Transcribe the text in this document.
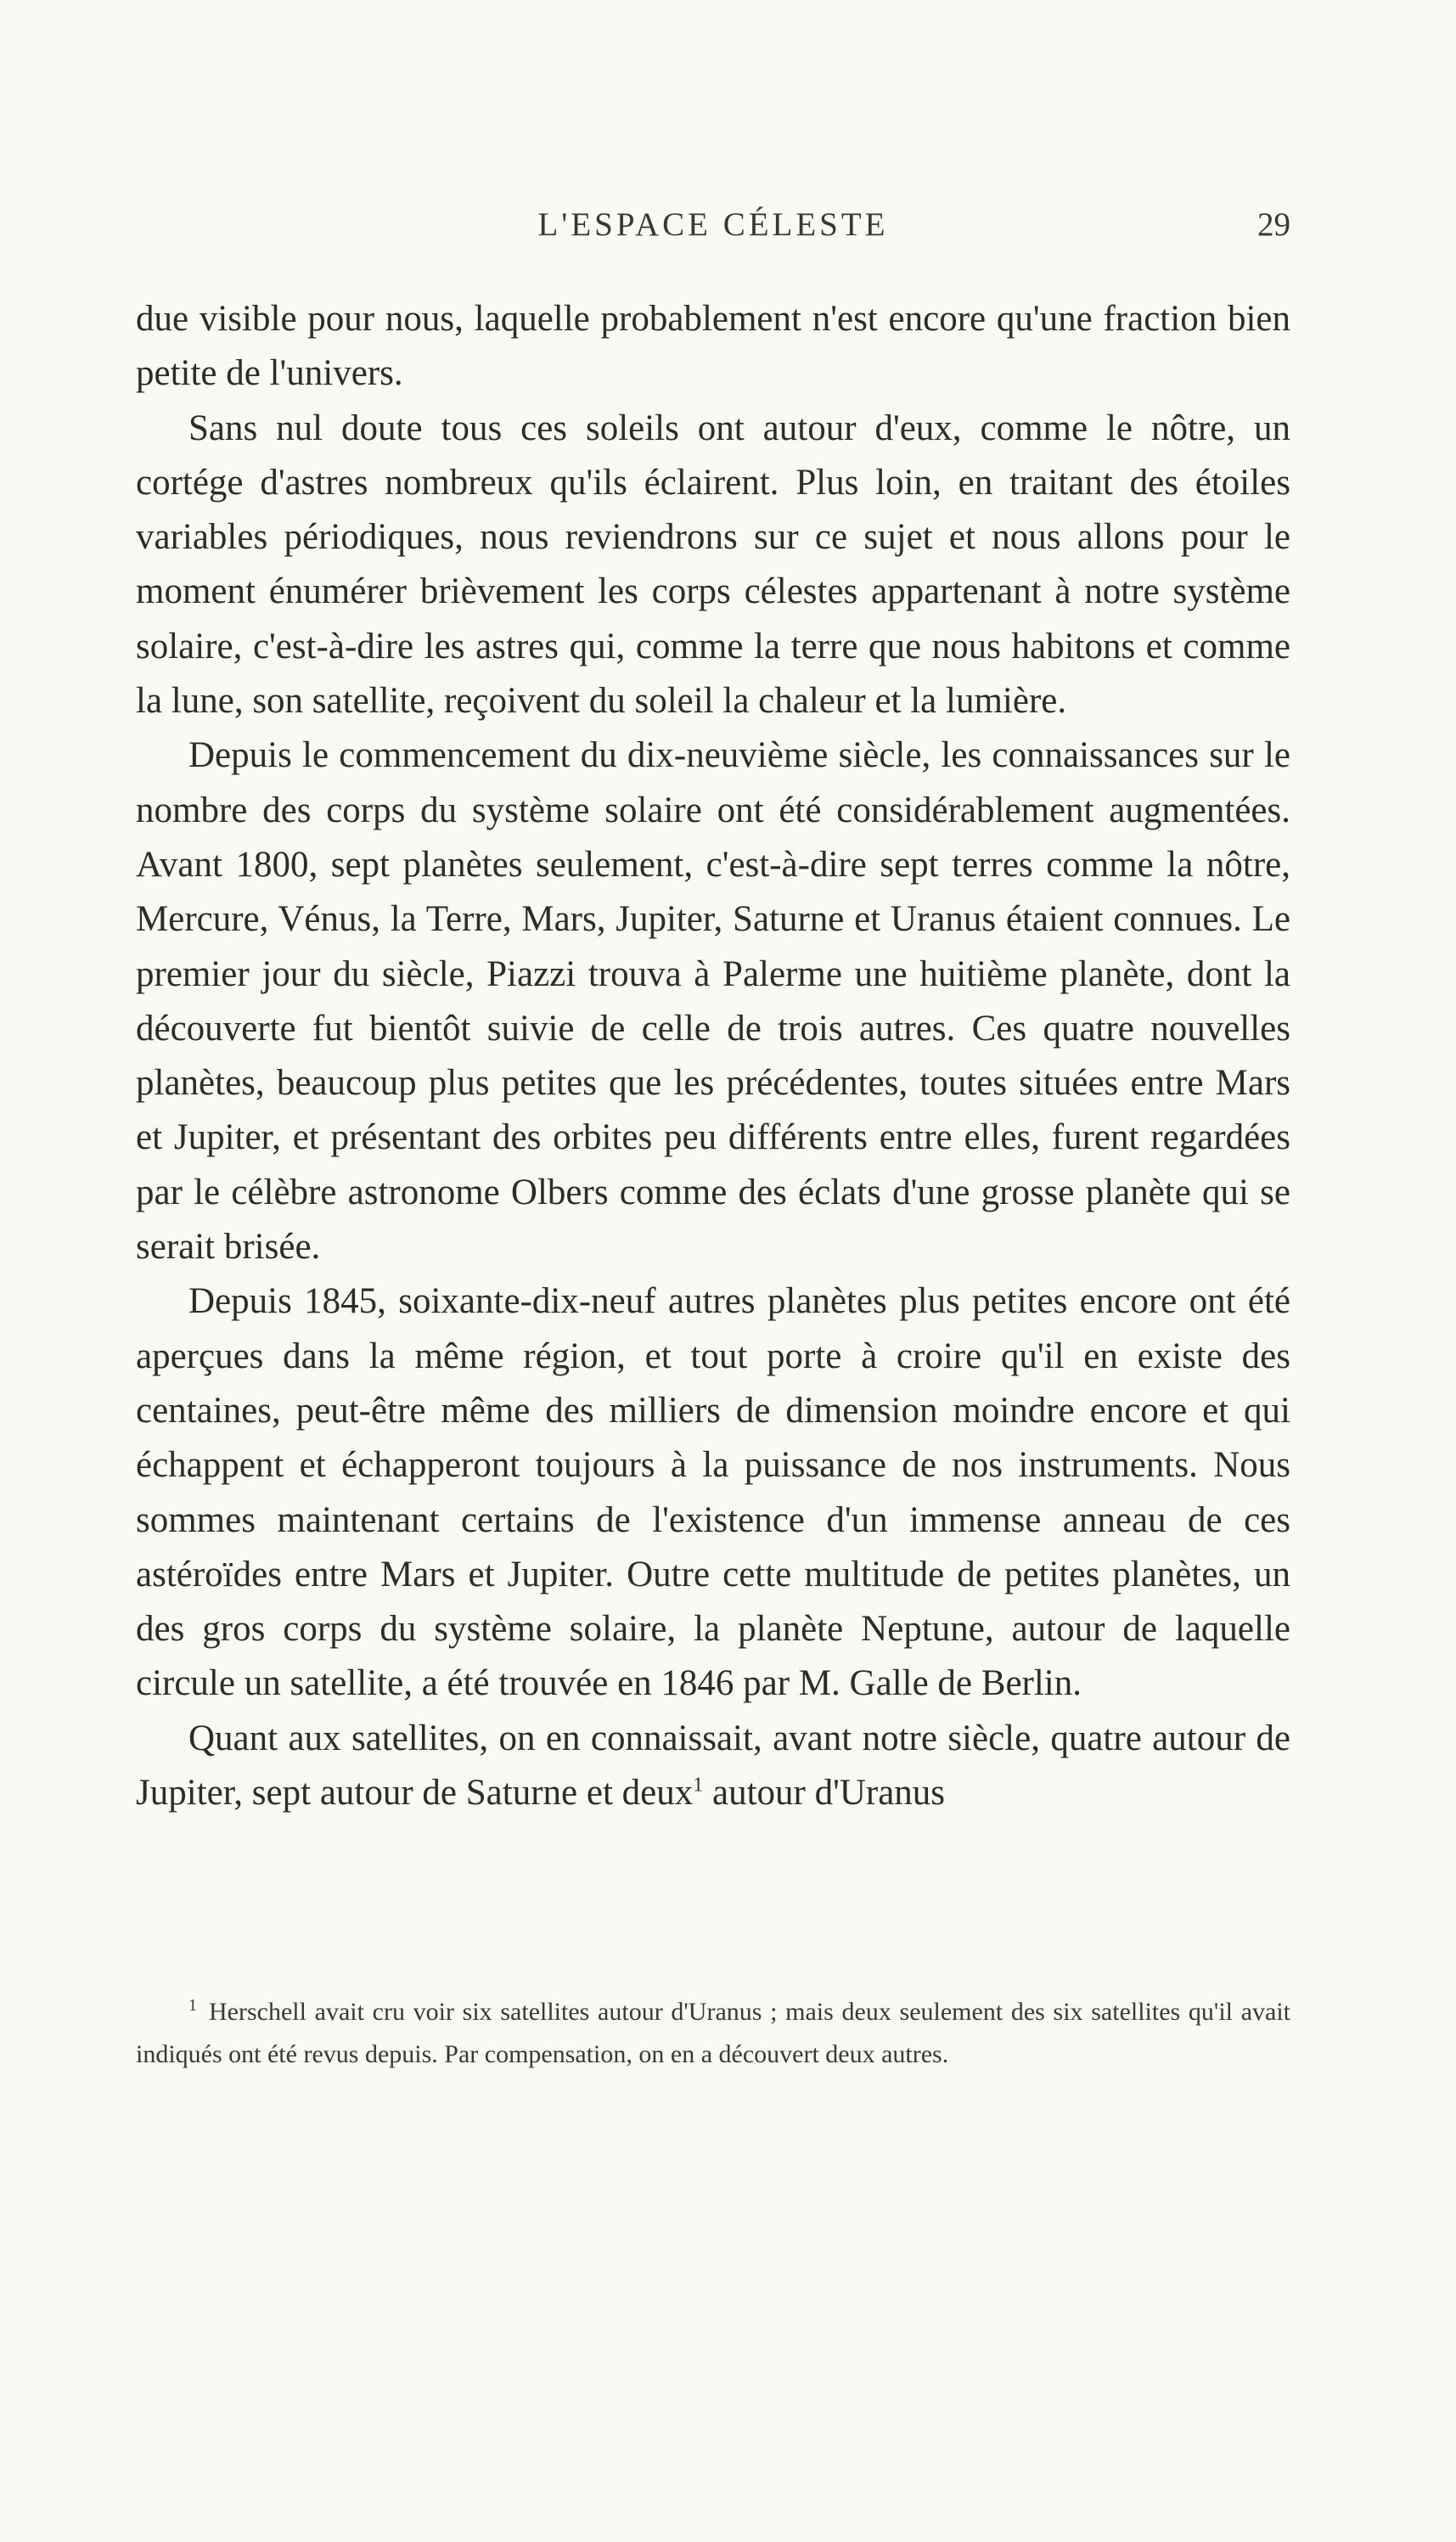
L'ESPACE CÉLESTE	29

due visible pour nous, laquelle probablement n'est encore qu'une fraction bien petite de l'univers.

Sans nul doute tous ces soleils ont autour d'eux, comme le nôtre, un cortége d'astres nombreux qu'ils éclairent. Plus loin, en traitant des étoiles variables périodiques, nous reviendrons sur ce sujet et nous allons pour le moment énumérer brièvement les corps célestes appartenant à notre système solaire, c'est-à-dire les astres qui, comme la terre que nous habitons et comme la lune, son satellite, reçoivent du soleil la chaleur et la lumière.

Depuis le commencement du dix-neuvième siècle, les connaissances sur le nombre des corps du système solaire ont été considérablement augmentées. Avant 1800, sept planètes seulement, c'est-à-dire sept terres comme la nôtre, Mercure, Vénus, la Terre, Mars, Jupiter, Saturne et Uranus étaient connues. Le premier jour du siècle, Piazzi trouva à Palerme une huitième planète, dont la découverte fut bientôt suivie de celle de trois autres. Ces quatre nouvelles planètes, beaucoup plus petites que les précédentes, toutes situées entre Mars et Jupiter, et présentant des orbites peu différents entre elles, furent regardées par le célèbre astronome Olbers comme des éclats d'une grosse planète qui se serait brisée.

Depuis 1845, soixante-dix-neuf autres planètes plus petites encore ont été aperçues dans la même région, et tout porte à croire qu'il en existe des centaines, peut-être même des milliers de dimension moindre encore et qui échappent et échapperont toujours à la puissance de nos instruments. Nous sommes maintenant certains de l'existence d'un immense anneau de ces astéroïdes entre Mars et Jupiter. Outre cette multitude de petites planètes, un des gros corps du système solaire, la planète Neptune, autour de laquelle circule un satellite, a été trouvée en 1846 par M. Galle de Berlin.

Quant aux satellites, on en connaissait, avant notre siècle, quatre autour de Jupiter, sept autour de Saturne et deux$^1$ autour d'Uranus

$^1$ Herschell avait cru voir six satellites autour d'Uranus ; mais deux seulement des six satellites qu'il avait indiqués ont été revus depuis. Par compensation, on en a découvert deux autres.
